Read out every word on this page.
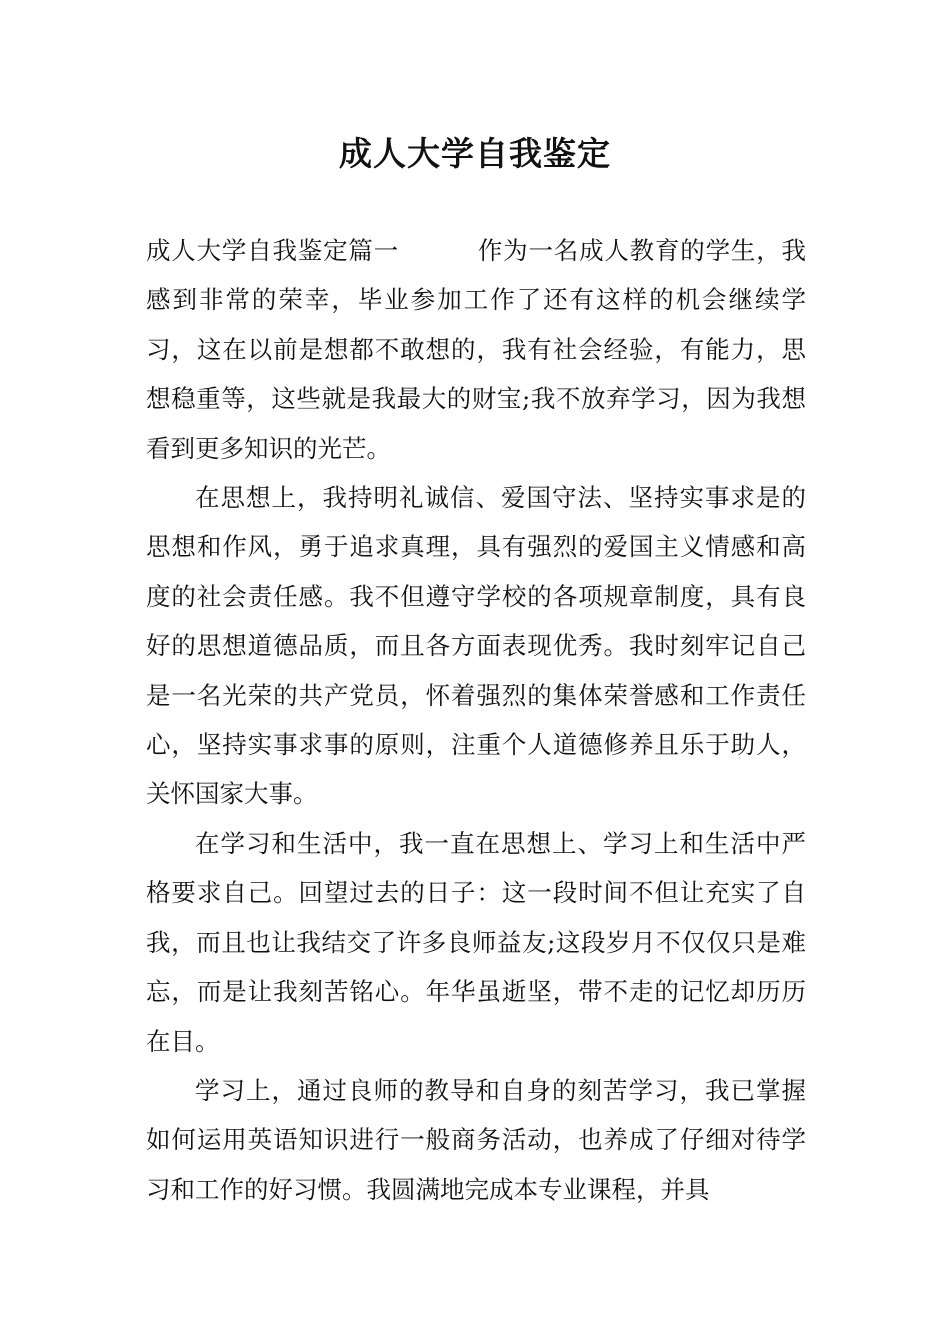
成人大学自我鉴定

成人大学自我鉴定篇一	作为一名成人教育的学生，我感到非常的荣幸，毕业参加工作了还有这样的机会继续学习，这在以前是想都不敢想的，我有社会经验，有能力，思想稳重等，这些就是我最大的财宝;我不放弃学习，因为我想看到更多知识的光芒。

在思想上，我持明礼诚信、爱国守法、坚持实事求是的思想和作风，勇于追求真理，具有强烈的爱国主义情感和高度的社会责任感。我不但遵守学校的各项规章制度，具有良好的思想道德品质，而且各方面表现优秀。我时刻牢记自己是一名光荣的共产党员，怀着强烈的集体荣誉感和工作责任心，坚持实事求事的原则，注重个人道德修养且乐于助人，关怀国家大事。

在学习和生活中，我一直在思想上、学习上和生活中严格要求自己。回望过去的日子：这一段时间不但让充实了自我，而且也让我结交了许多良师益友;这段岁月不仅仅只是难忘，而是让我刻苦铭心。年华虽逝坚，带不走的记忆却历历在目。

学习上，通过良师的教导和自身的刻苦学习，我已掌握如何运用英语知识进行一般商务活动，也养成了仔细对待学习和工作的好习惯。我圆满地完成本专业课程，并具
